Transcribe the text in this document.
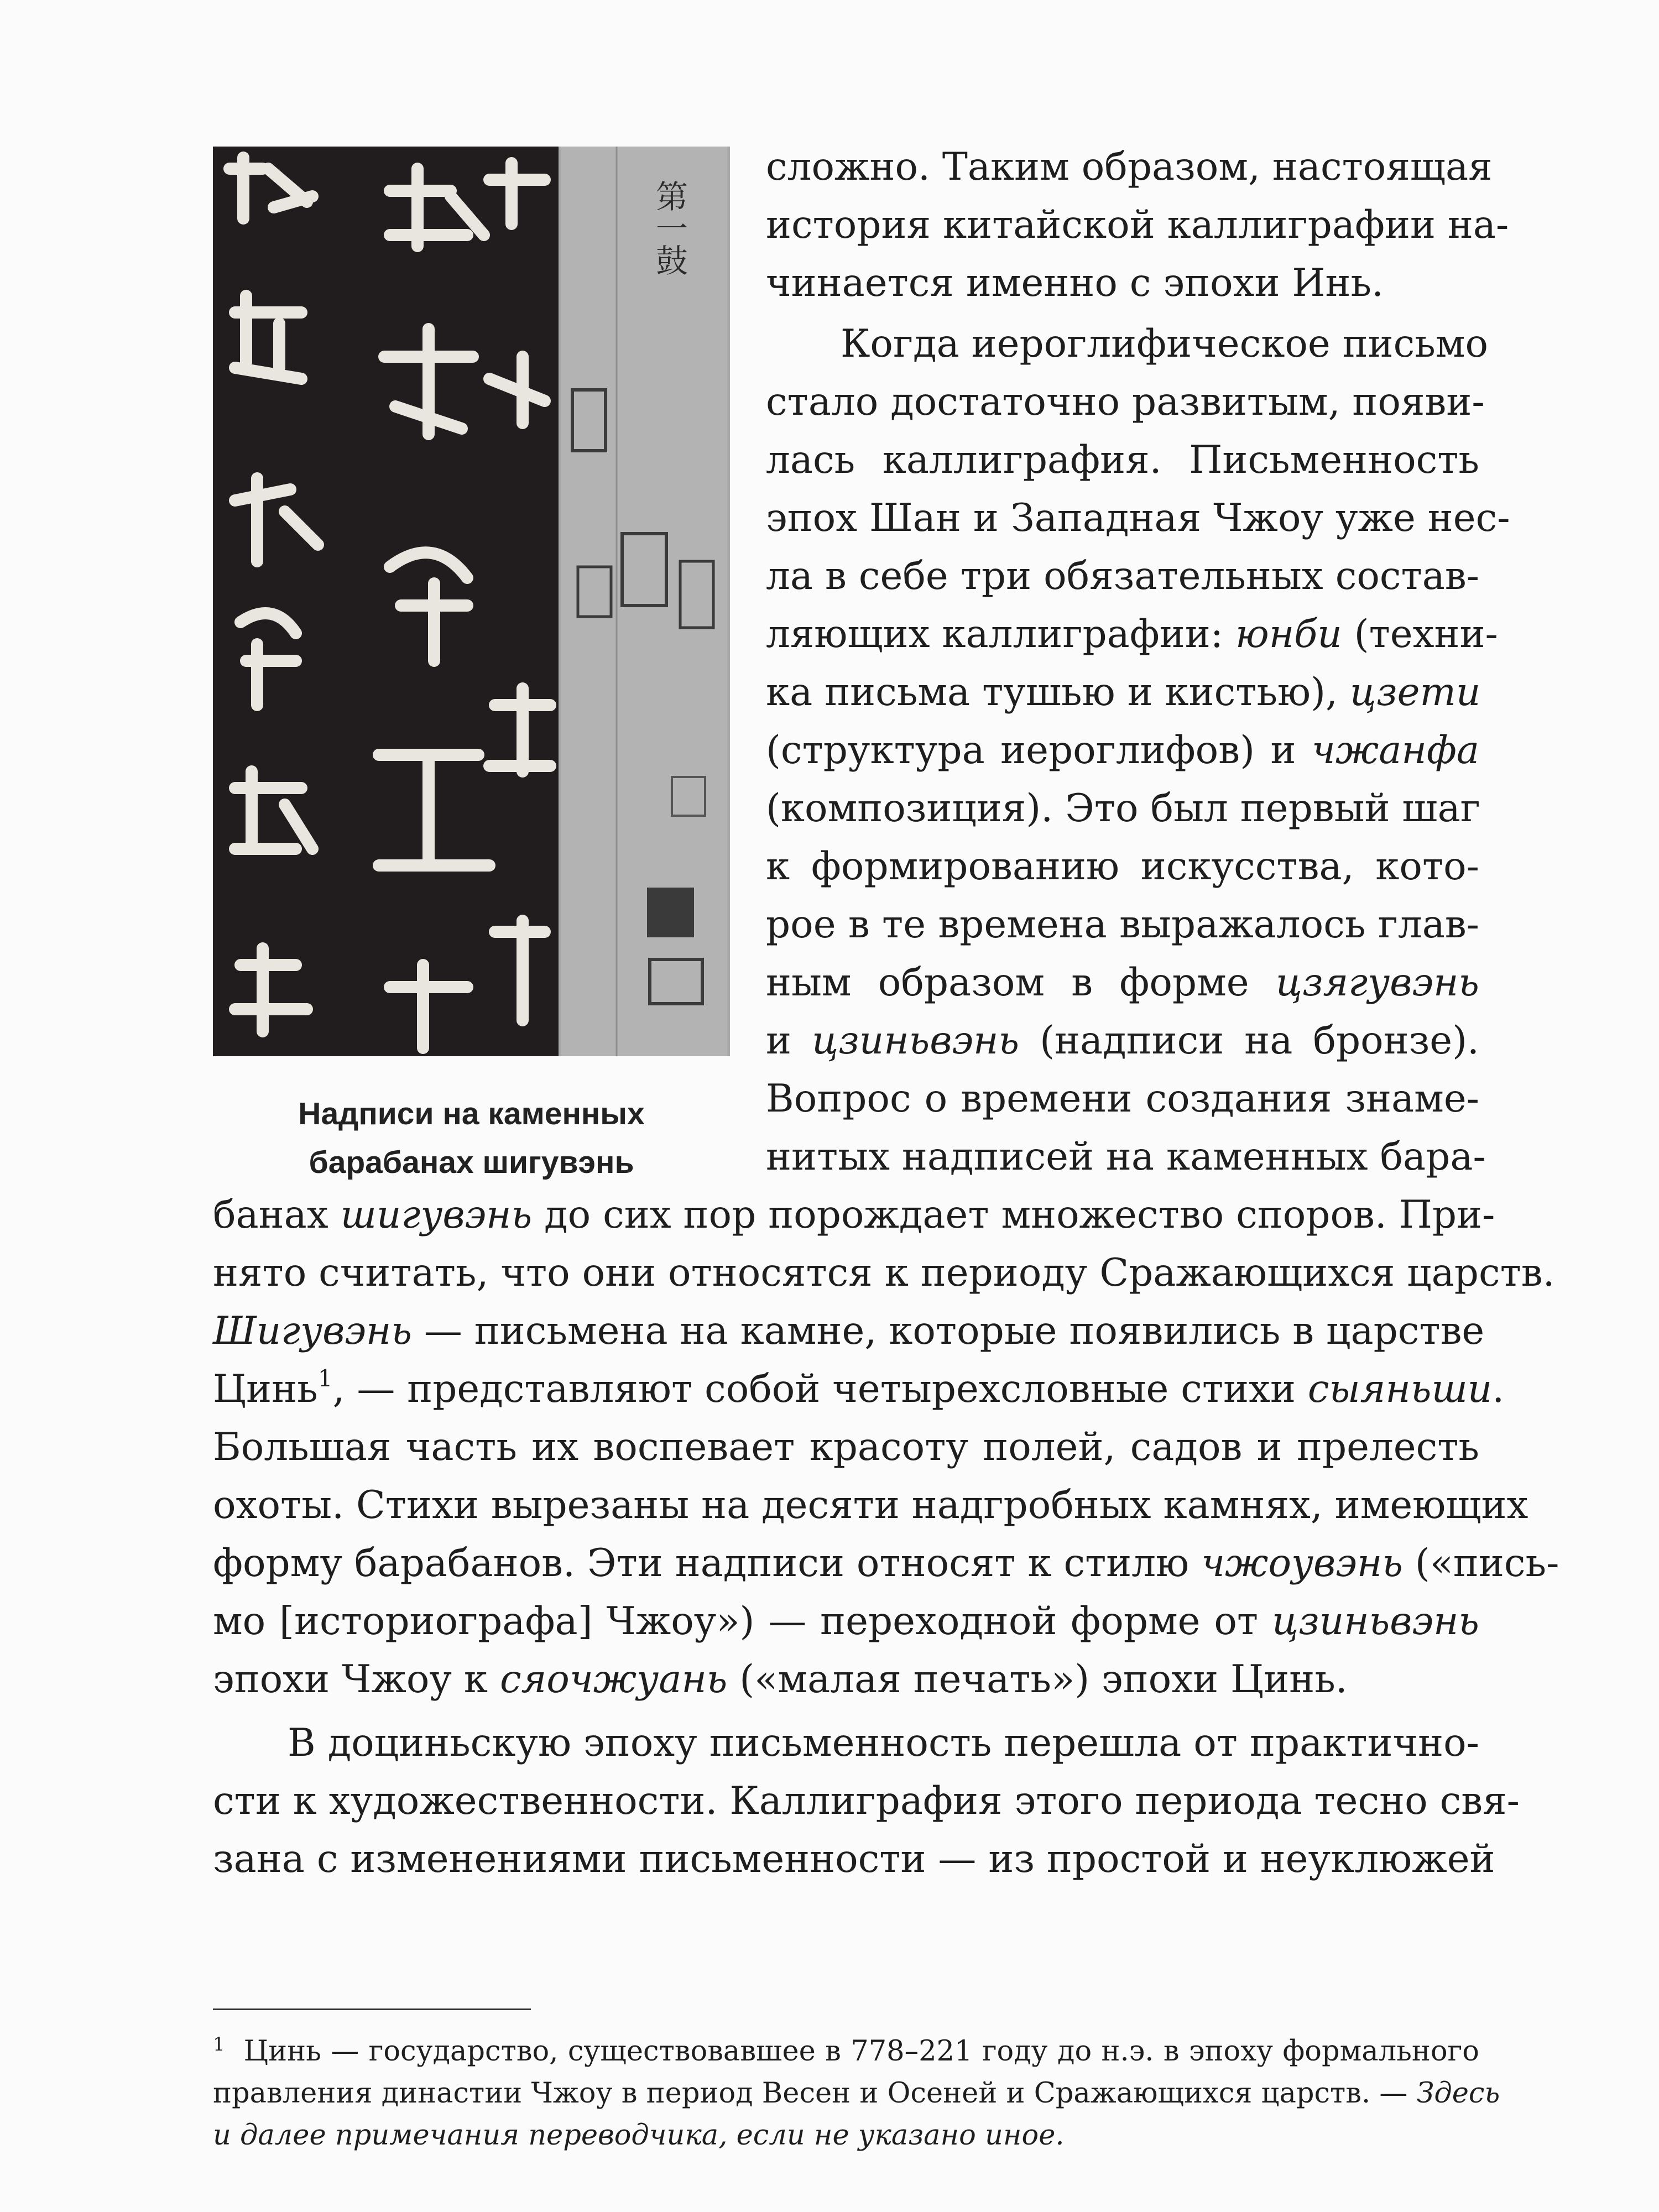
第一鼓
Надписи на каменных
барабанах шигувэнь

сложно. Таким образом, настоящая

история китайской каллиграфии на-

чинается именно с эпохи Инь.

Когда иероглифическое письмо

стало достаточно развитым, появи-

лась каллиграфия. Письменность

эпох Шан и Западная Чжоу уже нес-

ла в себе три обязательных состав-

ляющих каллиграфии: юнби (техни-

ка письма тушью и кистью), цзети

(структура иероглифов) и чжанфа

(композиция). Это был первый шаг

к формированию искусства, кото-

рое в те времена выражалось глав-

ным образом в форме цзягувэнь

и цзиньвэнь (надписи на бронзе).

Вопрос о времени создания знаме-

нитых надписей на каменных бара-

банах шигувэнь до сих пор порождает множество споров. При-

нято считать, что они относятся к периоду Сражающихся царств.

Шигувэнь — письмена на камне, которые появились в царстве

Цинь$^1$, — представляют собой четырехсловные стихи сыяньши.

Большая часть их воспевает красоту полей, садов и прелесть

охоты. Стихи вырезаны на десяти надгробных камнях, имеющих

форму барабанов. Эти надписи относят к стилю чжоувэнь («пись-

мо [историографа] Чжоу») — переходной форме от цзиньвэнь

эпохи Чжоу к сяочжуань («малая печать») эпохи Цинь.

В доциньскую эпоху письменность перешла от практично-

сти к художественности. Каллиграфия этого периода тесно свя-

зана с изменениями письменности — из простой и неуклюжей

$^1$ Цинь — государство, существовавшее в 778–221 году до н.э. в эпоху формального

правления династии Чжоу в период Весен и Осеней и Сражающихся царств. — Здесь

и далее примечания переводчика, если не указано иное.
